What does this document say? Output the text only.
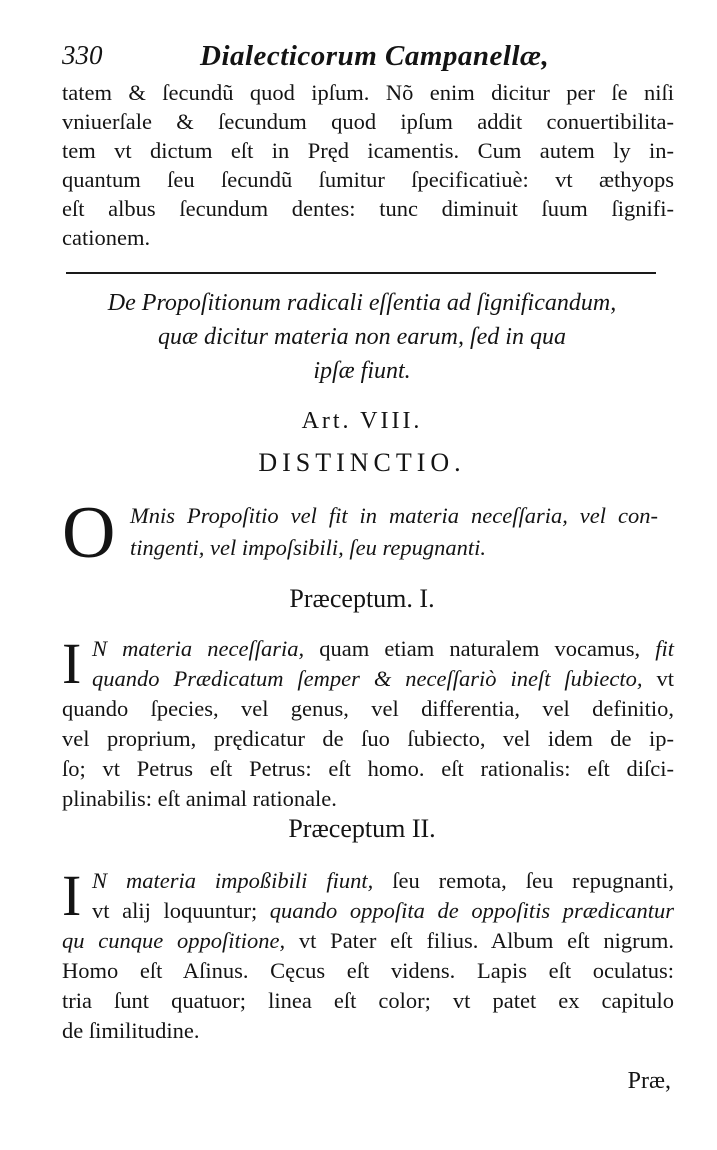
330	Dialecticorum Campanellæ,
tatem & ſecundũ quod ipſum. Nõ enim dicitur per ſe niſi
vniuerſale & ſecundum quod ipſum addit conuertibilita-
tem vt dictum eſt in Pręd icamentis. Cum autem ly in-
quantum ſeu ſecundũ ſumitur ſpecificatiuè: vt æthyops
eſt albus ſecundum dentes: tunc diminuit ſuum ſignifi-
cationem.
De Propoſitionum radicali eſſentia ad ſignificandum,
quæ dicitur materia non earum, ſed in qua
ipſæ fiunt.
Art. VIII.
DISTINCTIO.
O Mnis Propoſitio vel fit in materia neceſſaria, vel con-
tingenti, vel impoſsibili, ſeu repugnanti.
Præceptum. I.
I N materia neceſſaria, quam etiam naturalem vocamus, fit
quando Prædicatum ſemper & neceſſariò ineſt ſubiecto, vt
quando ſpecies, vel genus, vel differentia, vel definitio,
vel proprium, prędicatur de ſuo ſubiecto, vel idem de ip-
ſo; vt Petrus eſt Petrus: eſt homo. eſt rationalis: eſt diſci-
plinabilis: eſt animal rationale.
Præceptum II.
I N materia impoßibili fiunt, ſeu remota, ſeu repugnanti,
vt alij loquuntur; quando oppoſita de oppoſitis prædicantur
qu cunque oppoſitione, vt Pater eſt filius. Album eſt nigrum.
Homo eſt Aſinus. Cęcus eſt videns. Lapis eſt oculatus:
tria ſunt quatuor; linea eſt color; vt patet ex capitulo
de ſimilitudine.
Præ,
